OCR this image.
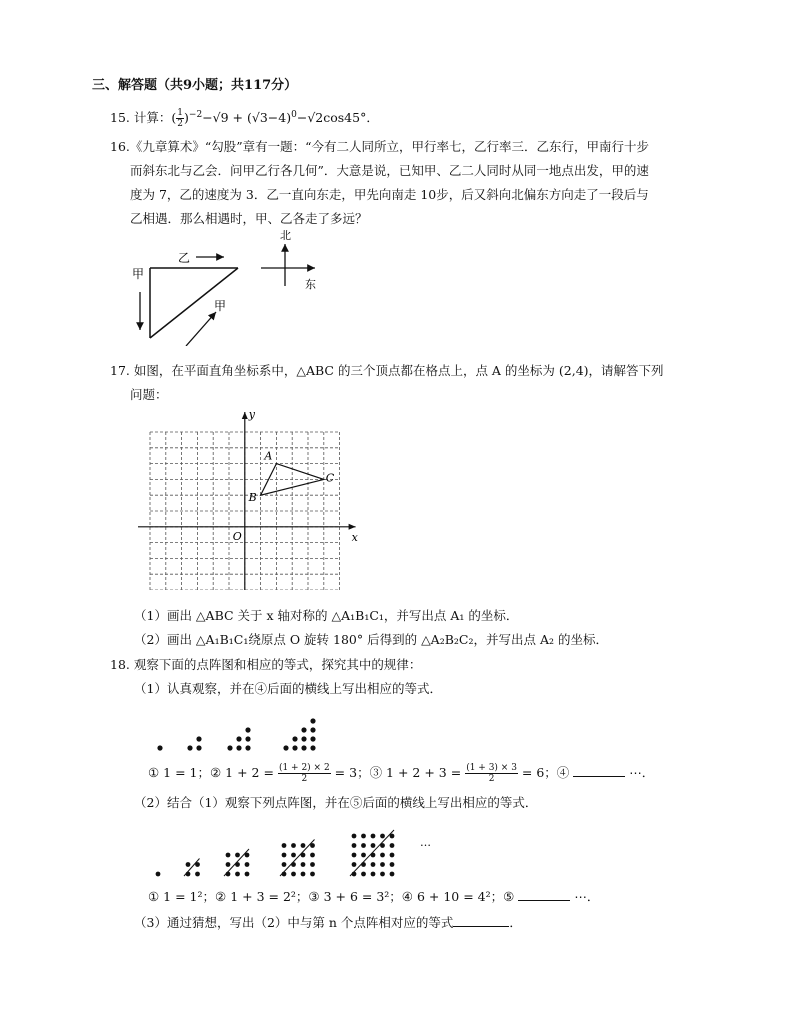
三、解答题（共9小题；共117分）
15. 计算：( $\frac{1}{2} )^{-2}-√9 + (√3-4)^0-√2\cos 45^\circ$．
16.《九章算术》“勾股”章有一题：“今有二人同所立，甲行率七，乙行率三．乙东行，甲南行十步
而斜东北与乙会．问甲乙行各几何”．大意是说，已知甲、乙二人同时从同一地点出发，甲的速
度为 7，乙的速度为 3．乙一直向东走，甲先向南走 10步，后又斜向北偏东方向走了一段后与
乙相遇．那么相遇时，甲、乙各走了多远？
乙
甲
甲
北
东
17. 如图，在平面直角坐标系中，△ABC 的三个顶点都在格点上，点 A 的坐标为 (2,4)，请解答下列
问题：
x
y
O
A
B
C
（1）画出 △ABC 关于 x 轴对称的 △A₁B₁C₁，并写出点 A₁ 的坐标．
（2）画出 △A₁B₁C₁绕原点 O 旋转 180° 后得到的 △A₂B₂C₂，并写出点 A₂ 的坐标．
18. 观察下面的点阵图和相应的等式，探究其中的规律：
（1）认真观察，并在④后面的横线上写出相应的等式．
① 1 = 1；② $1 + 2 = \frac{(1 + 2) \times 2}{2} = 3$；③ $1 + 2 + 3 = \frac{(1 + 3) \times 3}{2} = 6$；④	⋯．
（2）结合（1）观察下列点阵图，并在⑤后面的横线上写出相应的等式．
…
① 1 = 1²；② 1 + 3 = 2²；③ 3 + 6 = 3²；④ 6 + 10 = 4²；⑤	⋯．
（3）通过猜想，写出（2）中与第 n 个点阵相对应的等式	．
